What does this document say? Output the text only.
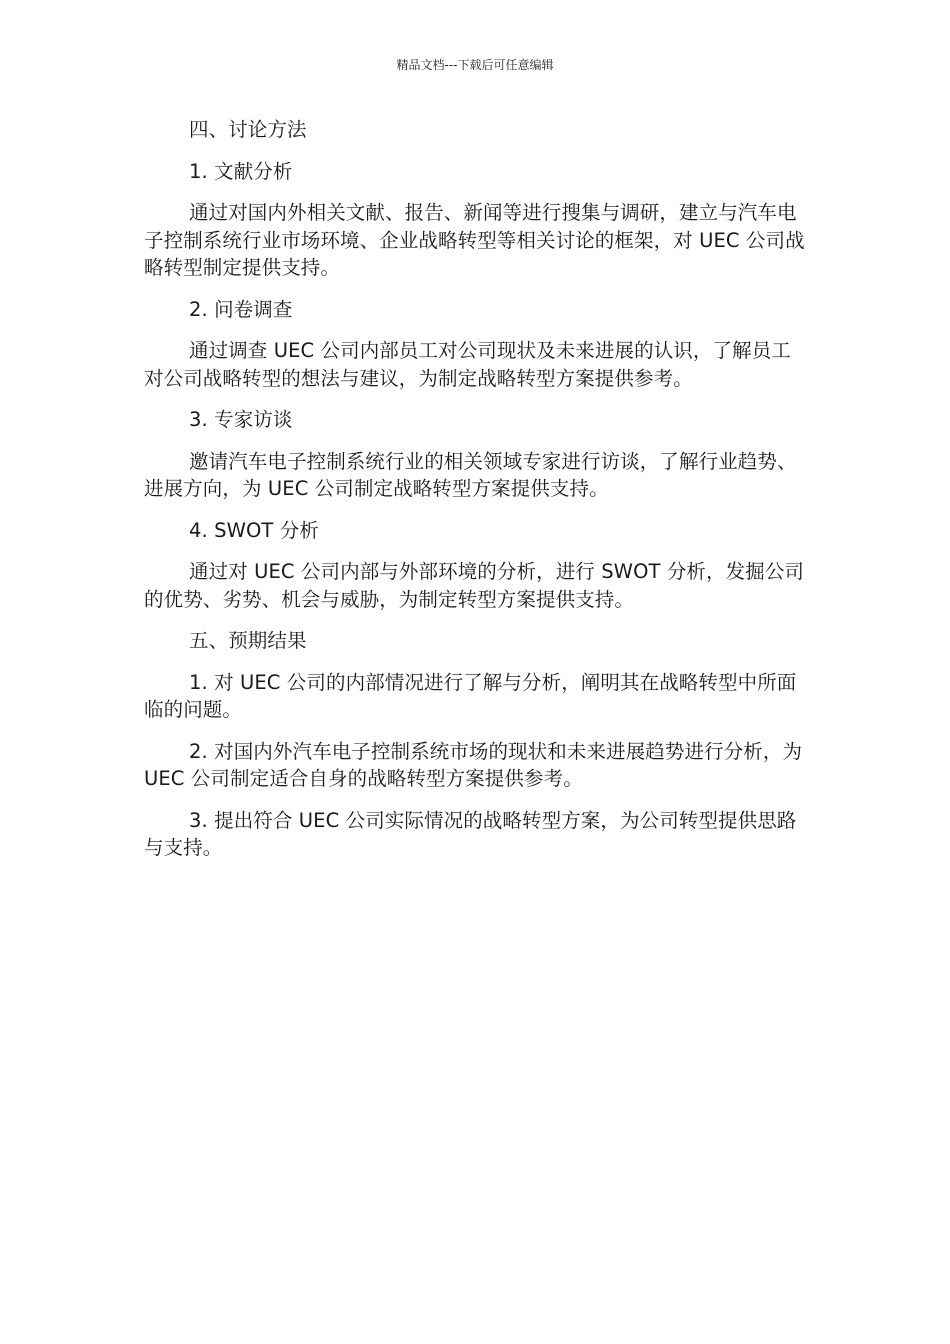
精品文档---下载后可任意编辑

四、讨论方法

1. 文献分析

通过对国内外相关文献、报告、新闻等进行搜集与调研，建立与汽车电子控制系统行业市场环境、企业战略转型等相关讨论的框架，对 UEC 公司战略转型制定提供支持。

2. 问卷调查

通过调查 UEC 公司内部员工对公司现状及未来进展的认识，了解员工对公司战略转型的想法与建议，为制定战略转型方案提供参考。

3. 专家访谈

邀请汽车电子控制系统行业的相关领域专家进行访谈，了解行业趋势、进展方向，为 UEC 公司制定战略转型方案提供支持。

4. SWOT 分析

通过对 UEC 公司内部与外部环境的分析，进行 SWOT 分析，发掘公司的优势、劣势、机会与威胁，为制定转型方案提供支持。

五、预期结果

1. 对 UEC 公司的内部情况进行了解与分析，阐明其在战略转型中所面临的问题。

2. 对国内外汽车电子控制系统市场的现状和未来进展趋势进行分析，为 UEC 公司制定适合自身的战略转型方案提供参考。

3. 提出符合 UEC 公司实际情况的战略转型方案，为公司转型提供思路与支持。
